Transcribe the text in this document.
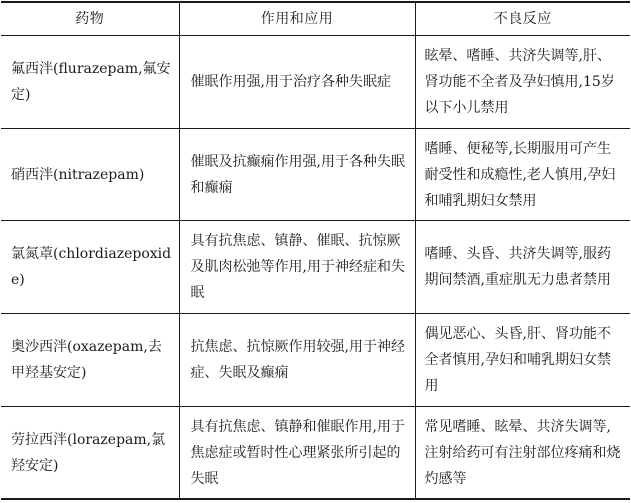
药物	作用和应用	不良反应
氟西泮(flurazepam,氟安定)	催眠作用强,用于治疗各种失眠症	眩晕、嗜睡、共济失调等,肝、肾功能不全者及孕妇慎用,15岁以下小儿禁用
硝西泮(nitrazepam)	催眠及抗癫痫作用强,用于各种失眠和癫痫	嗜睡、便秘等,长期服用可产生耐受性和成瘾性,老人慎用,孕妇和哺乳期妇女禁用
氯氮䓬(chlordiazepoxide)	具有抗焦虑、镇静、催眠、抗惊厥及肌肉松弛等作用,用于神经症和失眠	嗜睡、头昏、共济失调等,服药期间禁酒,重症肌无力患者禁用
奥沙西泮(oxazepam,去甲羟基安定)	抗焦虑、抗惊厥作用较强,用于神经症、失眠及癫痫	偶见恶心、头昏,肝、肾功能不全者慎用,孕妇和哺乳期妇女禁用
劳拉西泮(lorazepam,氯羟安定)	具有抗焦虑、镇静和催眠作用,用于焦虑症或暂时性心理紧张所引起的失眠	常见嗜睡、眩晕、共济失调等,注射给药可有注射部位疼痛和烧灼感等
